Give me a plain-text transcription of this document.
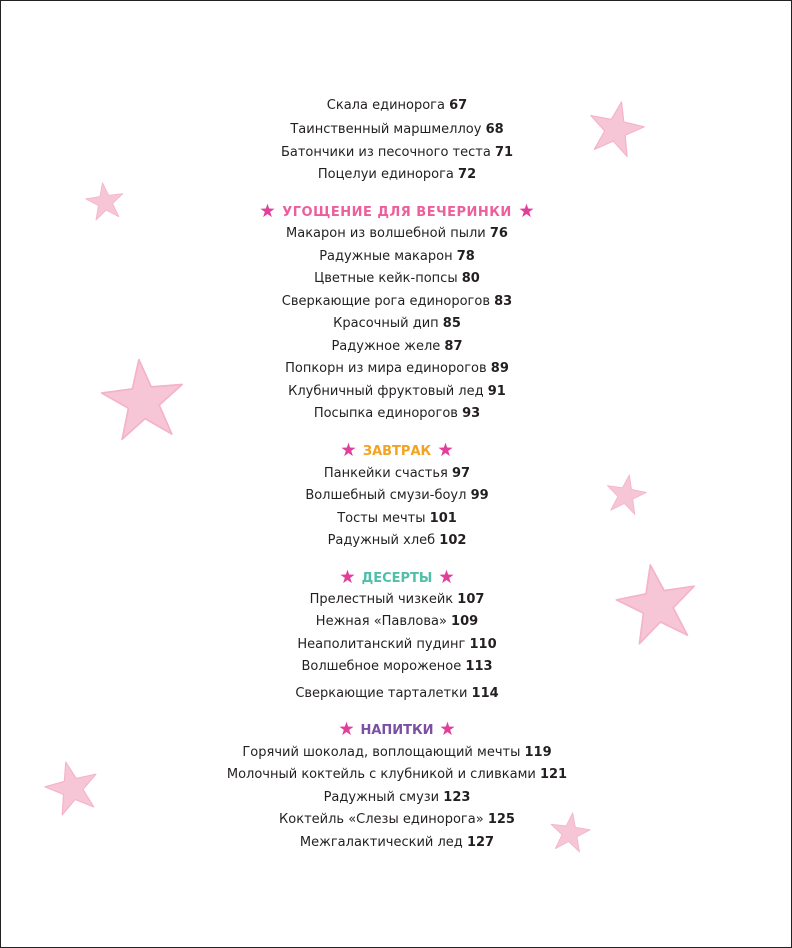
Скала единорога 67
Таинственный маршмеллоу 68
Батончики из песочного теста 71
Поцелуи единорога 72
УГОЩЕНИЕ ДЛЯ ВЕЧЕРИНКИ
Макарон из волшебной пыли 76
Радужные макарон 78
Цветные кейк-попсы 80
Сверкающие рога единорогов 83
Красочный дип 85
Радужное желе 87
Попкорн из мира единорогов 89
Клубничный фруктовый лед 91
Посыпка единорогов 93
ЗАВТРАК
Панкейки счастья 97
Волшебный смузи-боул 99
Тосты мечты 101
Радужный хлеб 102
ДЕСЕРТЫ
Прелестный чизкейк 107
Нежная «Павлова» 109
Неаполитанский пудинг 110
Волшебное мороженое 113
Сверкающие тарталетки 114
НАПИТКИ
Горячий шоколад, воплощающий мечты 119
Молочный коктейль с клубникой и сливками 121
Радужный смузи 123
Коктейль «Слезы единорога» 125
Межгалактический лед 127
